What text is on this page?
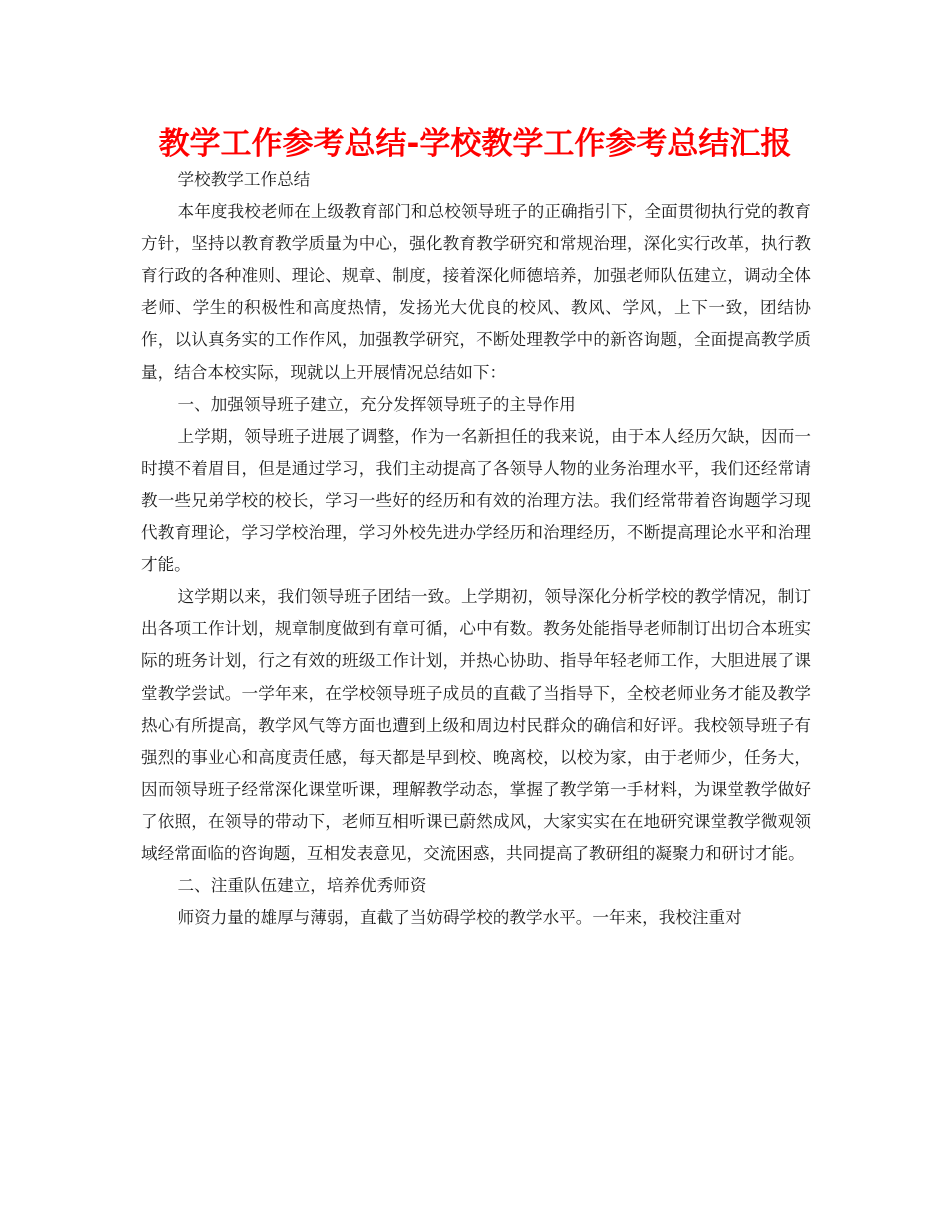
教学工作参考总结-学校教学工作参考总结汇报

学校教学工作总结

本年度我校老师在上级教育部门和总校领导班子的正确指引下，全面贯彻执行党的教育方针，坚持以教育教学质量为中心，强化教育教学研究和常规治理，深化实行改革，执行教育行政的各种准则、理论、规章、制度，接着深化师德培养，加强老师队伍建立，调动全体老师、学生的积极性和高度热情，发扬光大优良的校风、教风、学风，上下一致，团结协作，以认真务实的工作作风，加强教学研究，不断处理教学中的新咨询题，全面提高教学质量，结合本校实际，现就以上开展情况总结如下：

一、加强领导班子建立，充分发挥领导班子的主导作用

上学期，领导班子进展了调整，作为一名新担任的我来说，由于本人经历欠缺，因而一时摸不着眉目，但是通过学习，我们主动提高了各领导人物的业务治理水平，我们还经常请教一些兄弟学校的校长，学习一些好的经历和有效的治理方法。我们经常带着咨询题学习现代教育理论，学习学校治理，学习外校先进办学经历和治理经历，不断提高理论水平和治理才能。

这学期以来，我们领导班子团结一致。上学期初，领导深化分析学校的教学情况，制订出各项工作计划，规章制度做到有章可循，心中有数。教务处能指导老师制订出切合本班实际的班务计划，行之有效的班级工作计划，并热心协助、指导年轻老师工作，大胆进展了课堂教学尝试。一学年来，在学校领导班子成员的直截了当指导下，全校老师业务才能及教学热心有所提高，教学风气等方面也遭到上级和周边村民群众的确信和好评。我校领导班子有强烈的事业心和高度责任感，每天都是早到校、晚离校，以校为家，由于老师少，任务大，因而领导班子经常深化课堂听课，理解教学动态，掌握了教学第一手材料，为课堂教学做好了依照，在领导的带动下，老师互相听课已蔚然成风，大家实实在在地研究课堂教学微观领域经常面临的咨询题，互相发表意见，交流困惑，共同提高了教研组的凝聚力和研讨才能。

二、注重队伍建立，培养优秀师资

师资力量的雄厚与薄弱，直截了当妨碍学校的教学水平。一年来，我校注重对
